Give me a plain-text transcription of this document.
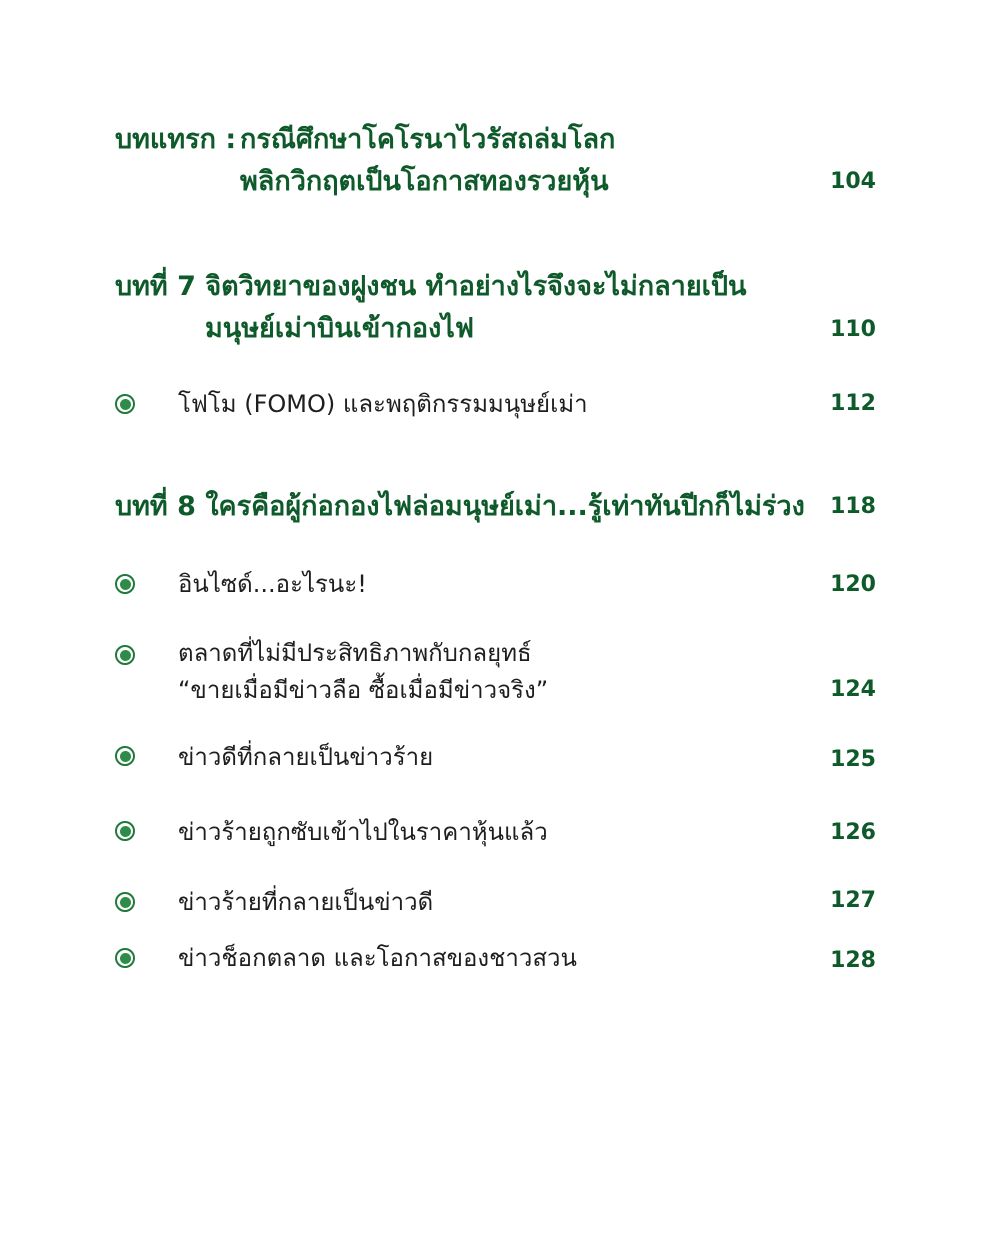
บทแทรก : กรณีศึกษาโคโรนาไวรัสถล่มโลก
พลิกวิกฤตเป็นโอกาสทองรวยหุ้น	104
บทที่ 7 จิตวิทยาของฝูงชน ทำอย่างไรจึงจะไม่กลายเป็น
มนุษย์เม่าบินเข้ากองไฟ	110
โฟโม (FOMO) และพฤติกรรมมนุษย์เม่า	112
บทที่ 8 ใครคือผู้ก่อกองไฟล่อมนุษย์เม่า...รู้เท่าทันปีกก็ไม่ร่วง	118
อินไซด์...อะไรนะ!	120
ตลาดที่ไม่มีประสิทธิภาพกับกลยุทธ์
“ขายเมื่อมีข่าวลือ ซื้อเมื่อมีข่าวจริง”	124
ข่าวดีที่กลายเป็นข่าวร้าย	125
ข่าวร้ายถูกซับเข้าไปในราคาหุ้นแล้ว	126
ข่าวร้ายที่กลายเป็นข่าวดี	127
ข่าวช็อกตลาด และโอกาสของชาวสวน	128
